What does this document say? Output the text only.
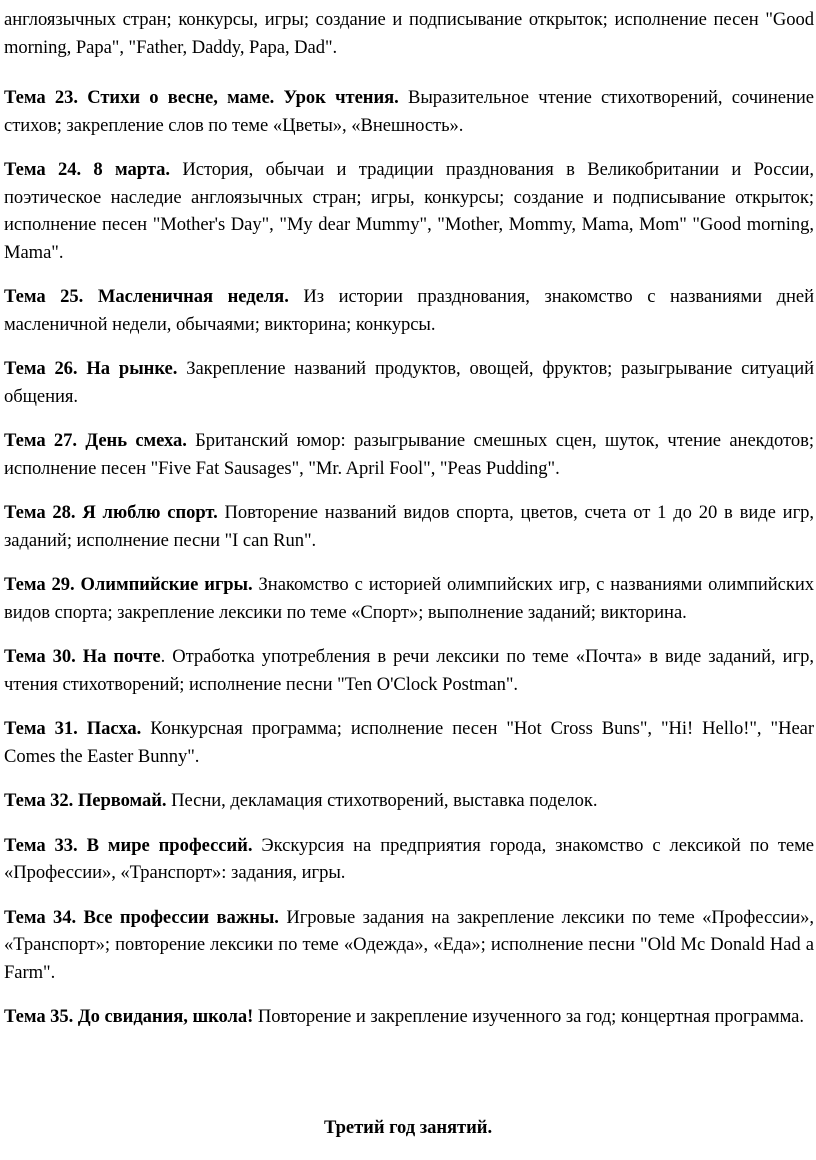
англоязычных стран; конкурсы, игры; создание и подписывание открыток; исполнение песен "Good morning, Papa", "Father, Daddy, Papa, Dad".

Тема 23. Стихи о весне, маме. Урок чтения. Выразительное чтение стихотворений, сочинение стихов; закрепление слов по теме «Цветы», «Внешность».

Тема 24. 8 марта. История, обычаи и традиции празднования в Великобритании и России, поэтическое наследие англоязычных стран; игры, конкурсы; создание и подписывание открыток; исполнение песен "Mother's Day", "My dear Mummy", "Mother, Mommy, Mama, Mom" "Good morning, Mama".

Тема 25. Масленичная неделя. Из истории празднования, знакомство с названиями дней масленичной недели, обычаями; викторина; конкурсы.

Тема 26. На рынке. Закрепление названий продуктов, овощей, фруктов; разыгрывание ситуаций общения.

Тема 27. День смеха. Британский юмор: разыгрывание смешных сцен, шуток, чтение анекдотов; исполнение песен "Five Fat Sausages", "Mr. April Fool", "Peas Pudding".

Тема 28. Я люблю спорт. Повторение названий видов спорта, цветов, счета от 1 до 20 в виде игр, заданий; исполнение песни "I can Run".

Тема 29. Олимпийские игры. Знакомство с историей олимпийских игр, с названиями олимпийских видов спорта; закрепление лексики по теме «Спорт»; выполнение заданий; викторина.

Тема 30. На почте. Отработка употребления в речи лексики по теме «Почта» в виде заданий, игр, чтения стихотворений; исполнение песни "Ten O'Clock Postman".

Тема 31. Пасха. Конкурсная программа; исполнение песен "Hot Cross Buns", "Hi! Hello!", "Hear Comes the Easter Bunny".

Тема 32. Первомай. Песни, декламация стихотворений, выставка поделок.

Тема 33. В мире профессий. Экскурсия на предприятия города, знакомство с лексикой по теме «Профессии», «Транспорт»: задания, игры.

Тема 34. Все профессии важны. Игровые задания на закрепление лексики по теме «Профессии», «Транспорт»; повторение лексики по теме «Одежда», «Еда»; исполнение песни "Old Mc Donald Had a Farm".

Тема 35. До свидания, школа! Повторение и закрепление изученного за год; концертная программа.

Третий год занятий.
